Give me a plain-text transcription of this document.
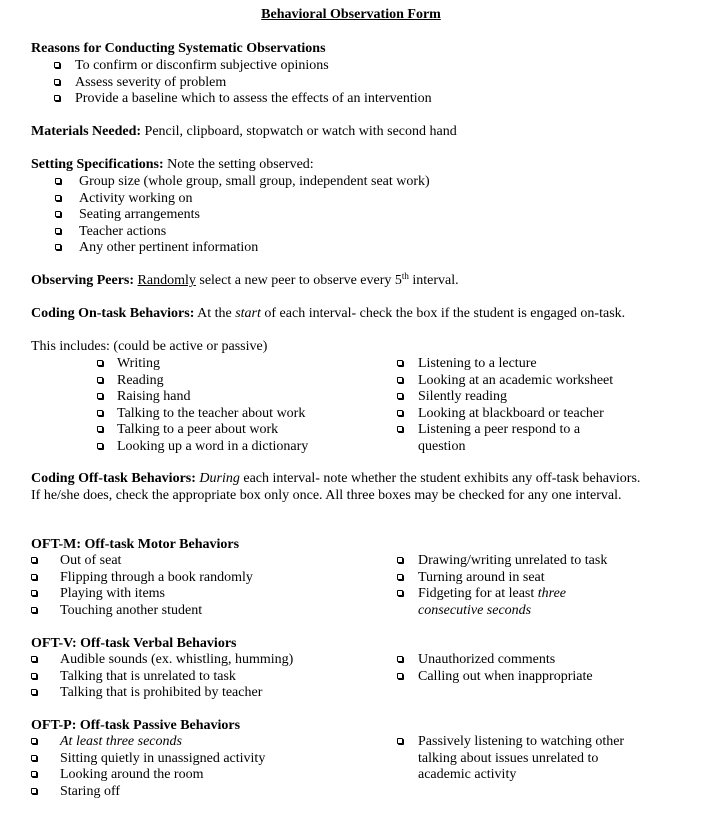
Behavioral Observation Form
Reasons for Conducting Systematic Observations
To confirm or disconfirm subjective opinions
Assess severity of problem
Provide a baseline which to assess the effects of an intervention
Materials Needed: Pencil, clipboard, stopwatch or watch with second hand
Setting Specifications: Note the setting observed:
Group size (whole group, small group, independent seat work)
Activity working on
Seating arrangements
Teacher actions
Any other pertinent information
Observing Peers: Randomly select a new peer to observe every 5th interval.
Coding On-task Behaviors: At the start of each interval- check the box if the student is engaged on-task.
This includes: (could be active or passive)
Writing
Reading
Raising hand
Talking to the teacher about work
Talking to a peer about work
Looking up a word in a dictionary
Listening to a lecture
Looking at an academic worksheet
Silently reading
Looking at blackboard or teacher
Listening a peer respond to a question
Coding Off-task Behaviors: During each interval- note whether the student exhibits any off-task behaviors. If he/she does, check the appropriate box only once. All three boxes may be checked for any one interval.
OFT-M: Off-task Motor Behaviors
Out of seat
Flipping through a book randomly
Playing with items
Touching another student
Drawing/writing unrelated to task
Turning around in seat
Fidgeting for at least three consecutive seconds
OFT-V: Off-task Verbal Behaviors
Audible sounds (ex. whistling, humming)
Talking that is unrelated to task
Talking that is prohibited by teacher
Unauthorized comments
Calling out when inappropriate
OFT-P: Off-task Passive Behaviors
At least three seconds
Sitting quietly in unassigned activity
Looking around the room
Staring off
Passively listening to watching other talking about issues unrelated to academic activity
